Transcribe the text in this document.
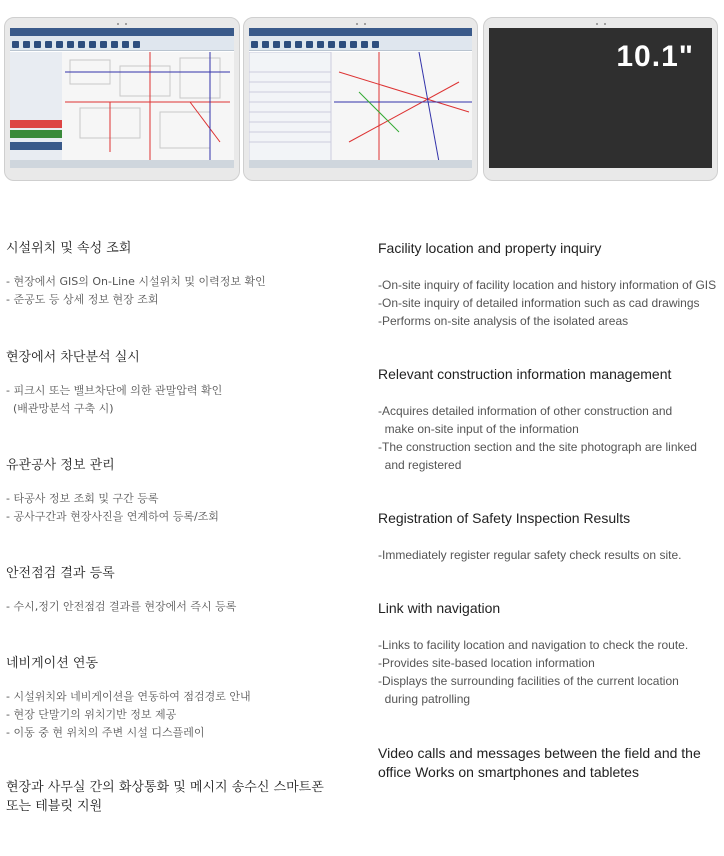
10.1"
시설위치 및 속성 조회
- 현장에서 GIS의 On-Line 시설위치 및 이력정보 확인
- 준공도 등 상세 정보 현장 조회
현장에서 차단분석 실시
- 피크시 또는 밸브차단에 의한 관말압력 확인
(배관망분석 구축 시)
유관공사 정보 관리
- 타공사 정보 조회 및 구간 등록
- 공사구간과 현장사진을 연계하여 등록/조회
안전점검 결과 등록
- 수시,정기 안전점검 결과를 현장에서 즉시 등록
네비게이션 연동
- 시설위치와 네비게이션을 연동하여 점검경로 안내
- 현장 단말기의 위치기반 정보 제공
- 이동 중 현 위치의 주변 시설 디스플레이
현장과 사무실 간의 화상통화 및 메시지 송수신 스마트폰
또는 테블릿 지원
Facility location and property inquiry
-On-site inquiry of facility location and history information of GIS
-On-site inquiry of detailed information such as cad drawings
-Performs on-site analysis of the isolated areas
Relevant construction information management
-Acquires detailed information of other construction and
make on-site input of the information
-The construction section and the site photograph are linked
and registered
Registration of Safety Inspection Results
-Immediately register regular safety check results on site.
Link with navigation
-Links to facility location and navigation to check the route.
-Provides site-based location information
-Displays the surrounding facilities of the current location
during patrolling
Video calls and messages between the field and the
office Works on smartphones and tabletes
